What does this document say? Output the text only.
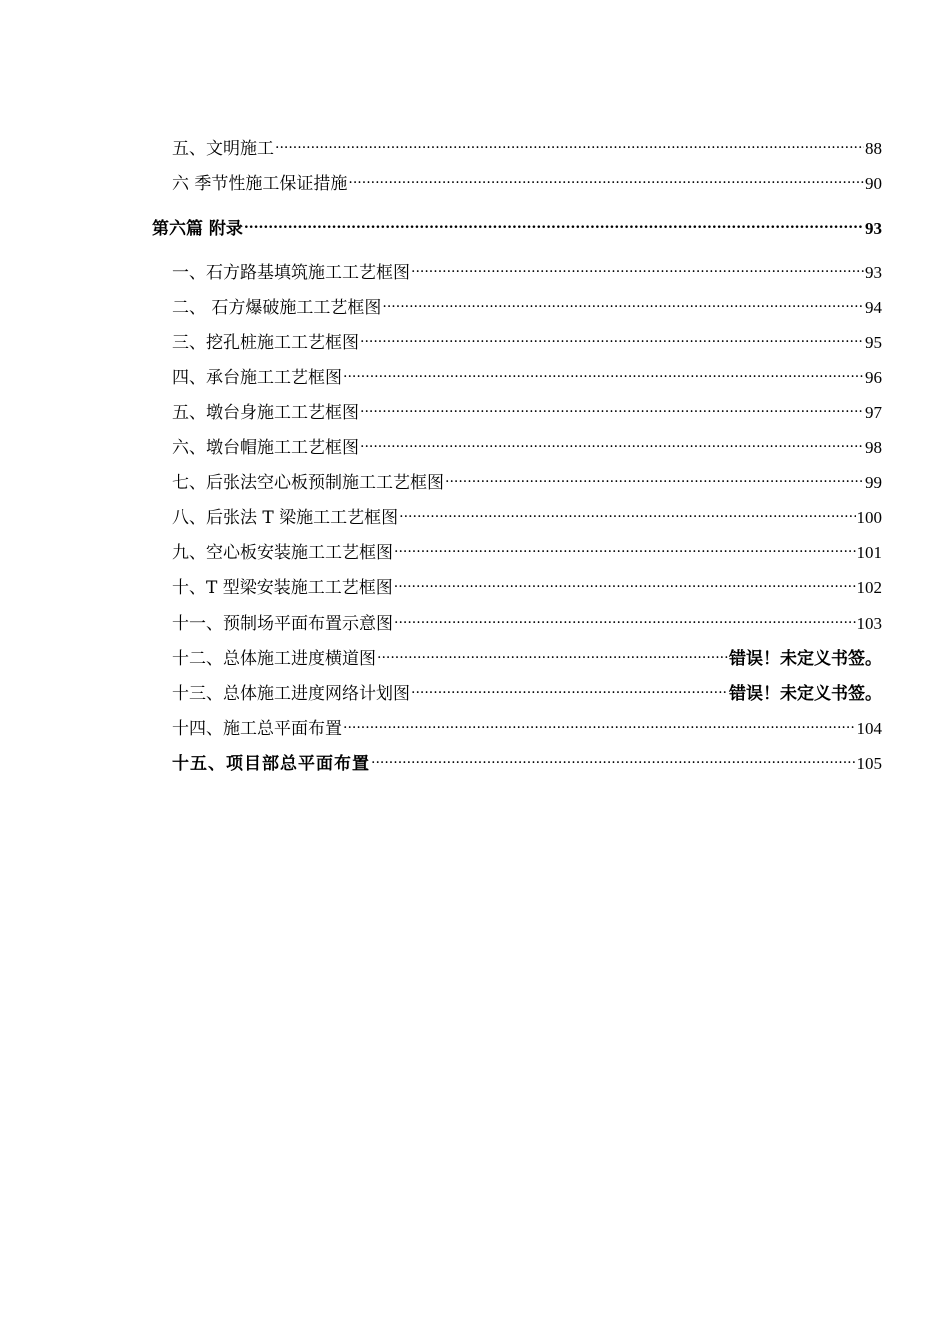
五、文明施工 .....	88
六 季节性施工保证措施 .....	90
第六篇 附录 .....	93
一、石方路基填筑施工工艺框图 .....	93
二、 石方爆破施工工艺框图 .....	94
三、挖孔桩施工工艺框图 .....	95
四、承台施工工艺框图 .....	96
五、墩台身施工工艺框图 .....	97
六、墩台帽施工工艺框图 .....	98
七、后张法空心板预制施工工艺框图 .....	99
八、后张法 T 梁施工工艺框图 .....	100
九、空心板安装施工工艺框图 .....	101
十、T 型梁安装施工工艺框图 .....	102
十一、预制场平面布置示意图 .....	103
十二、总体施工进度横道图 .....	错误！未定义书签。
十三、总体施工进度网络计划图 .....	错误！未定义书签。
十四、施工总平面布置 .....	104
十五、项目部总平面布置 .....	105
